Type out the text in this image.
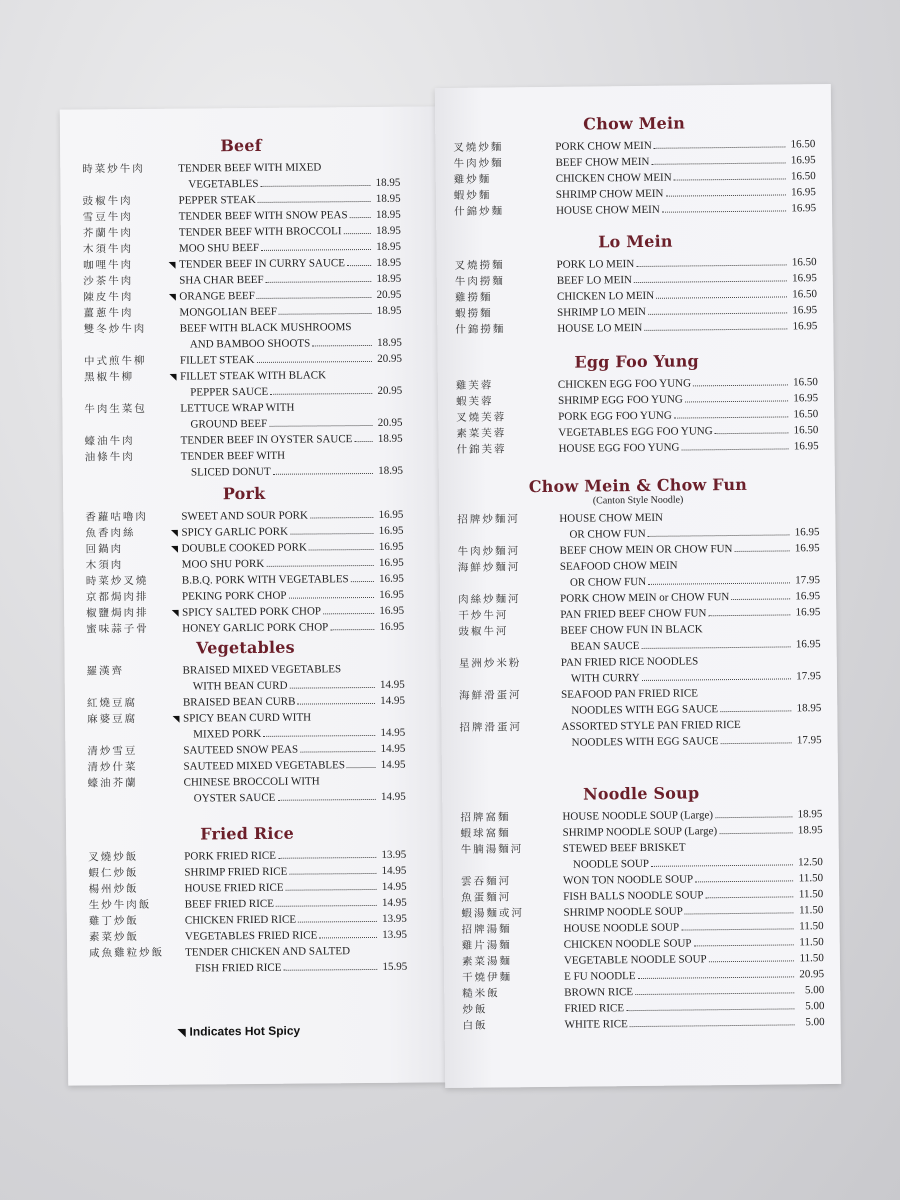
Beef
時菜炒牛肉	TENDER BEEF WITH MIXED
VEGETABLES	18.95
豉椒牛肉	PEPPER STEAK	18.95
雪豆牛肉	TENDER BEEF WITH SNOW PEAS	18.95
芥蘭牛肉	TENDER BEEF WITH BROCCOLI	18.95
木須牛肉	MOO SHU BEEF	18.95
咖哩牛肉	◥ TENDER BEEF IN CURRY SAUCE	18.95
沙茶牛肉	SHA CHAR BEEF	18.95
陳皮牛肉	◥ ORANGE BEEF	20.95
薑蔥牛肉	MONGOLIAN BEEF	18.95
雙冬炒牛肉	BEEF WITH BLACK MUSHROOMS
AND BAMBOO SHOOTS	18.95
中式煎牛柳	FILLET STEAK	20.95
黑椒牛柳	◥ FILLET STEAK WITH BLACK
PEPPER SAUCE	20.95
牛肉生菜包	LETTUCE WRAP WITH
GROUND BEEF	20.95
蠔油牛肉	TENDER BEEF IN OYSTER SAUCE 18.95
油條牛肉	TENDER BEEF WITH
SLICED DONUT	18.95
Pork
香蘿咕嚕肉	SWEET AND SOUR PORK	16.95
魚香肉絲	◥ SPICY GARLIC PORK	16.95
回鍋肉	◥ DOUBLE COOKED PORK	16.95
木須肉	MOO SHU PORK	16.95
時菜炒叉燒	B.B.Q. PORK WITH VEGETABLES	16.95
京都焗肉排	PEKING PORK CHOP	16.95
椒鹽焗肉排	◥ SPICY SALTED PORK CHOP	16.95
蜜味蒜子骨	HONEY GARLIC PORK CHOP	16.95
Vegetables
羅漢齊	BRAISED MIXED VEGETABLES
WITH BEAN CURD	14.95
紅燒豆腐	BRAISED BEAN CURB	14.95
麻婆豆腐	◥ SPICY BEAN CURD WITH
MIXED PORK	14.95
清炒雪豆	SAUTEED SNOW PEAS	14.95
清炒什菜	SAUTEED MIXED VEGETABLES	14.95
蠔油芥蘭	CHINESE BROCCOLI WITH
OYSTER SAUCE	14.95
Fried Rice
叉燒炒飯	PORK FRIED RICE	13.95
蝦仁炒飯	SHRIMP FRIED RICE	14.95
楊州炒飯	HOUSE FRIED RICE	14.95
生炒牛肉飯	BEEF FRIED RICE	14.95
雞丁炒飯	CHICKEN FRIED RICE	13.95
素菜炒飯	VEGETABLES FRIED RICE	13.95
咸魚雞粒炒飯	TENDER CHICKEN AND SALTED
FISH FRIED RICE	15.95
◥ Indicates Hot Spicy
Chow Mein
叉燒炒麵	PORK CHOW MEIN	16.50
牛肉炒麵	BEEF CHOW MEIN	16.95
雞炒麵	CHICKEN CHOW MEIN	16.50
蝦炒麵	SHRIMP CHOW MEIN	16.95
什錦炒麵	HOUSE CHOW MEIN	16.95
Lo Mein
叉燒撈麵	PORK LO MEIN	16.50
牛肉撈麵	BEEF LO MEIN	16.95
雞撈麵	CHICKEN LO MEIN	16.50
蝦撈麵	SHRIMP LO MEIN	16.95
什錦撈麵	HOUSE LO MEIN	16.95
Egg Foo Yung
雞芙蓉	CHICKEN EGG FOO YUNG	16.50
蝦芙蓉	SHRIMP EGG FOO YUNG	16.95
叉燒芙蓉	PORK EGG FOO YUNG	16.50
素菜芙蓉	VEGETABLES EGG FOO YUNG	16.50
什錦芙蓉	HOUSE EGG FOO YUNG	16.95
Chow Mein & Chow Fun
(Canton Style Noodle)
招牌炒麵河	HOUSE CHOW MEIN
OR CHOW FUN	16.95
牛肉炒麵河	BEEF CHOW MEIN OR CHOW FUN	16.95
海鮮炒麵河	SEAFOOD CHOW MEIN
OR CHOW FUN	17.95
肉絲炒麵河	PORK CHOW MEIN or CHOW FUN	16.95
干炒牛河	PAN FRIED BEEF CHOW FUN	16.95
豉椒牛河	BEEF CHOW FUN IN BLACK
BEAN SAUCE	16.95
星洲炒米粉	PAN FRIED RICE NOODLES
WITH CURRY	17.95
海鮮滑蛋河	SEAFOOD PAN FRIED RICE
NOODLES WITH EGG SAUCE	18.95
招牌滑蛋河	ASSORTED STYLE PAN FRIED RICE
NOODLES WITH EGG SAUCE	17.95
Noodle Soup
招牌窩麵	HOUSE NOODLE SOUP (Large)	18.95
蝦球窩麵	SHRIMP NOODLE SOUP (Large)	18.95
牛腩湯麵河	STEWED BEEF BRISKET
NOODLE SOUP	12.50
雲吞麵河	WON TON NOODLE SOUP	11.50
魚蛋麵河	FISH BALLS NOODLE SOUP	11.50
蝦湯麵或河	SHRIMP NOODLE SOUP	11.50
招牌湯麵	HOUSE NOODLE SOUP	11.50
雞片湯麵	CHICKEN NOODLE SOUP	11.50
素菜湯麵	VEGETABLE NOODLE SOUP	11.50
干燒伊麵	E FU NOODLE	20.95
糙米飯	BROWN RICE	5.00
炒飯	FRIED RICE	5.00
白飯	WHITE RICE	5.00
